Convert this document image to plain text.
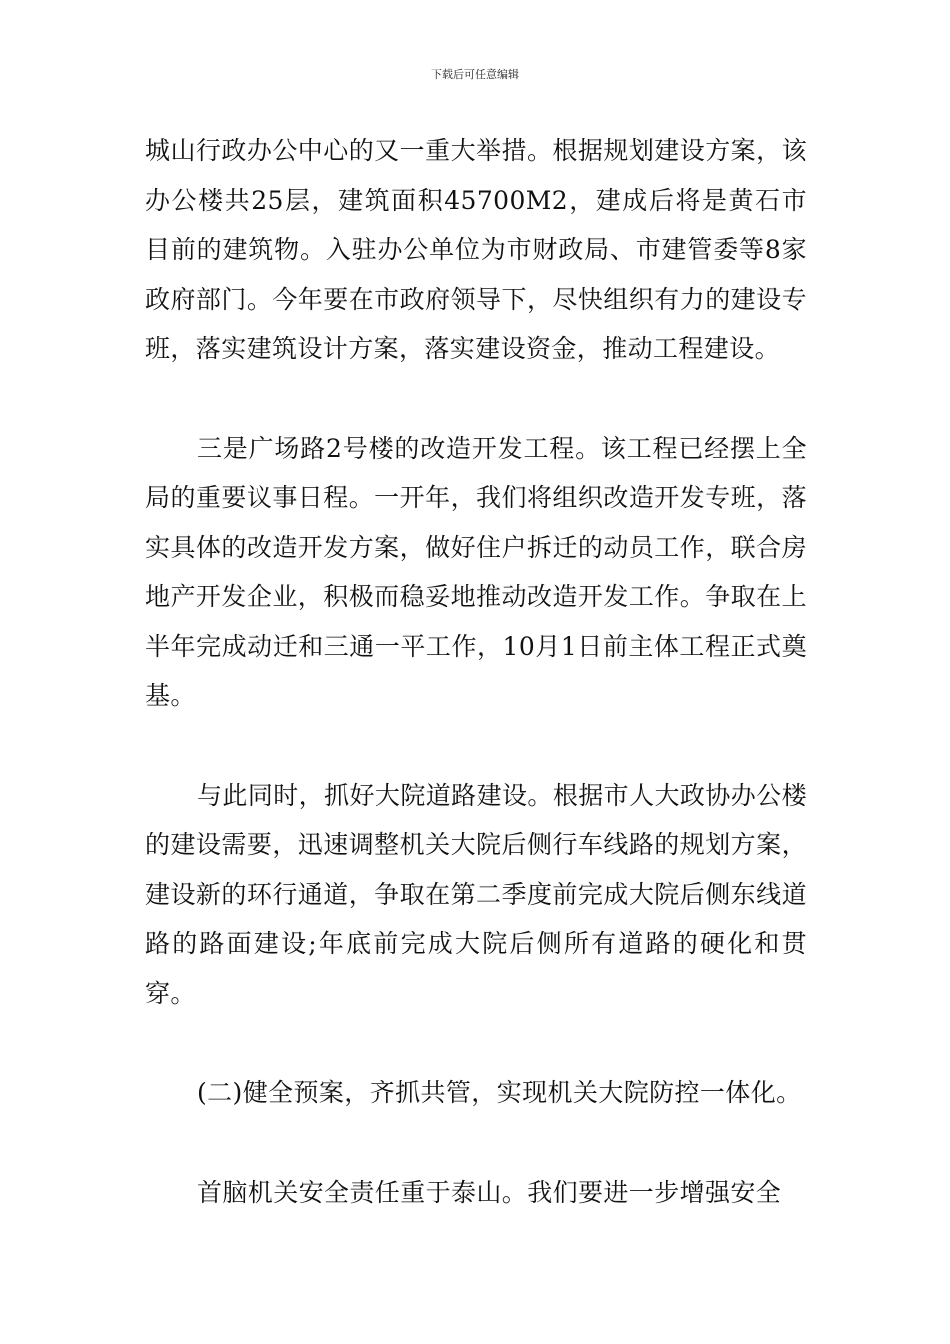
下载后可任意编辑

城山行政办公中心的又一重大举措。根据规划建设方案，该办公楼共25层，建筑面积45700M2，建成后将是黄石市目前的建筑物。入驻办公单位为市财政局、市建管委等8家政府部门。今年要在市政府领导下，尽快组织有力的建设专班，落实建筑设计方案，落实建设资金，推动工程建设。

三是广场路2号楼的改造开发工程。该工程已经摆上全局的重要议事日程。一开年，我们将组织改造开发专班，落实具体的改造开发方案，做好住户拆迁的动员工作，联合房地产开发企业，积极而稳妥地推动改造开发工作。争取在上半年完成动迁和三通一平工作，10月1日前主体工程正式奠基。

与此同时，抓好大院道路建设。根据市人大政协办公楼的建设需要，迅速调整机关大院后侧行车线路的规划方案，建设新的环行通道，争取在第二季度前完成大院后侧东线道路的路面建设;年底前完成大院后侧所有道路的硬化和贯穿。

(二)健全预案，齐抓共管，实现机关大院防控一体化。

首脑机关安全责任重于泰山。我们要进一步增强安全
